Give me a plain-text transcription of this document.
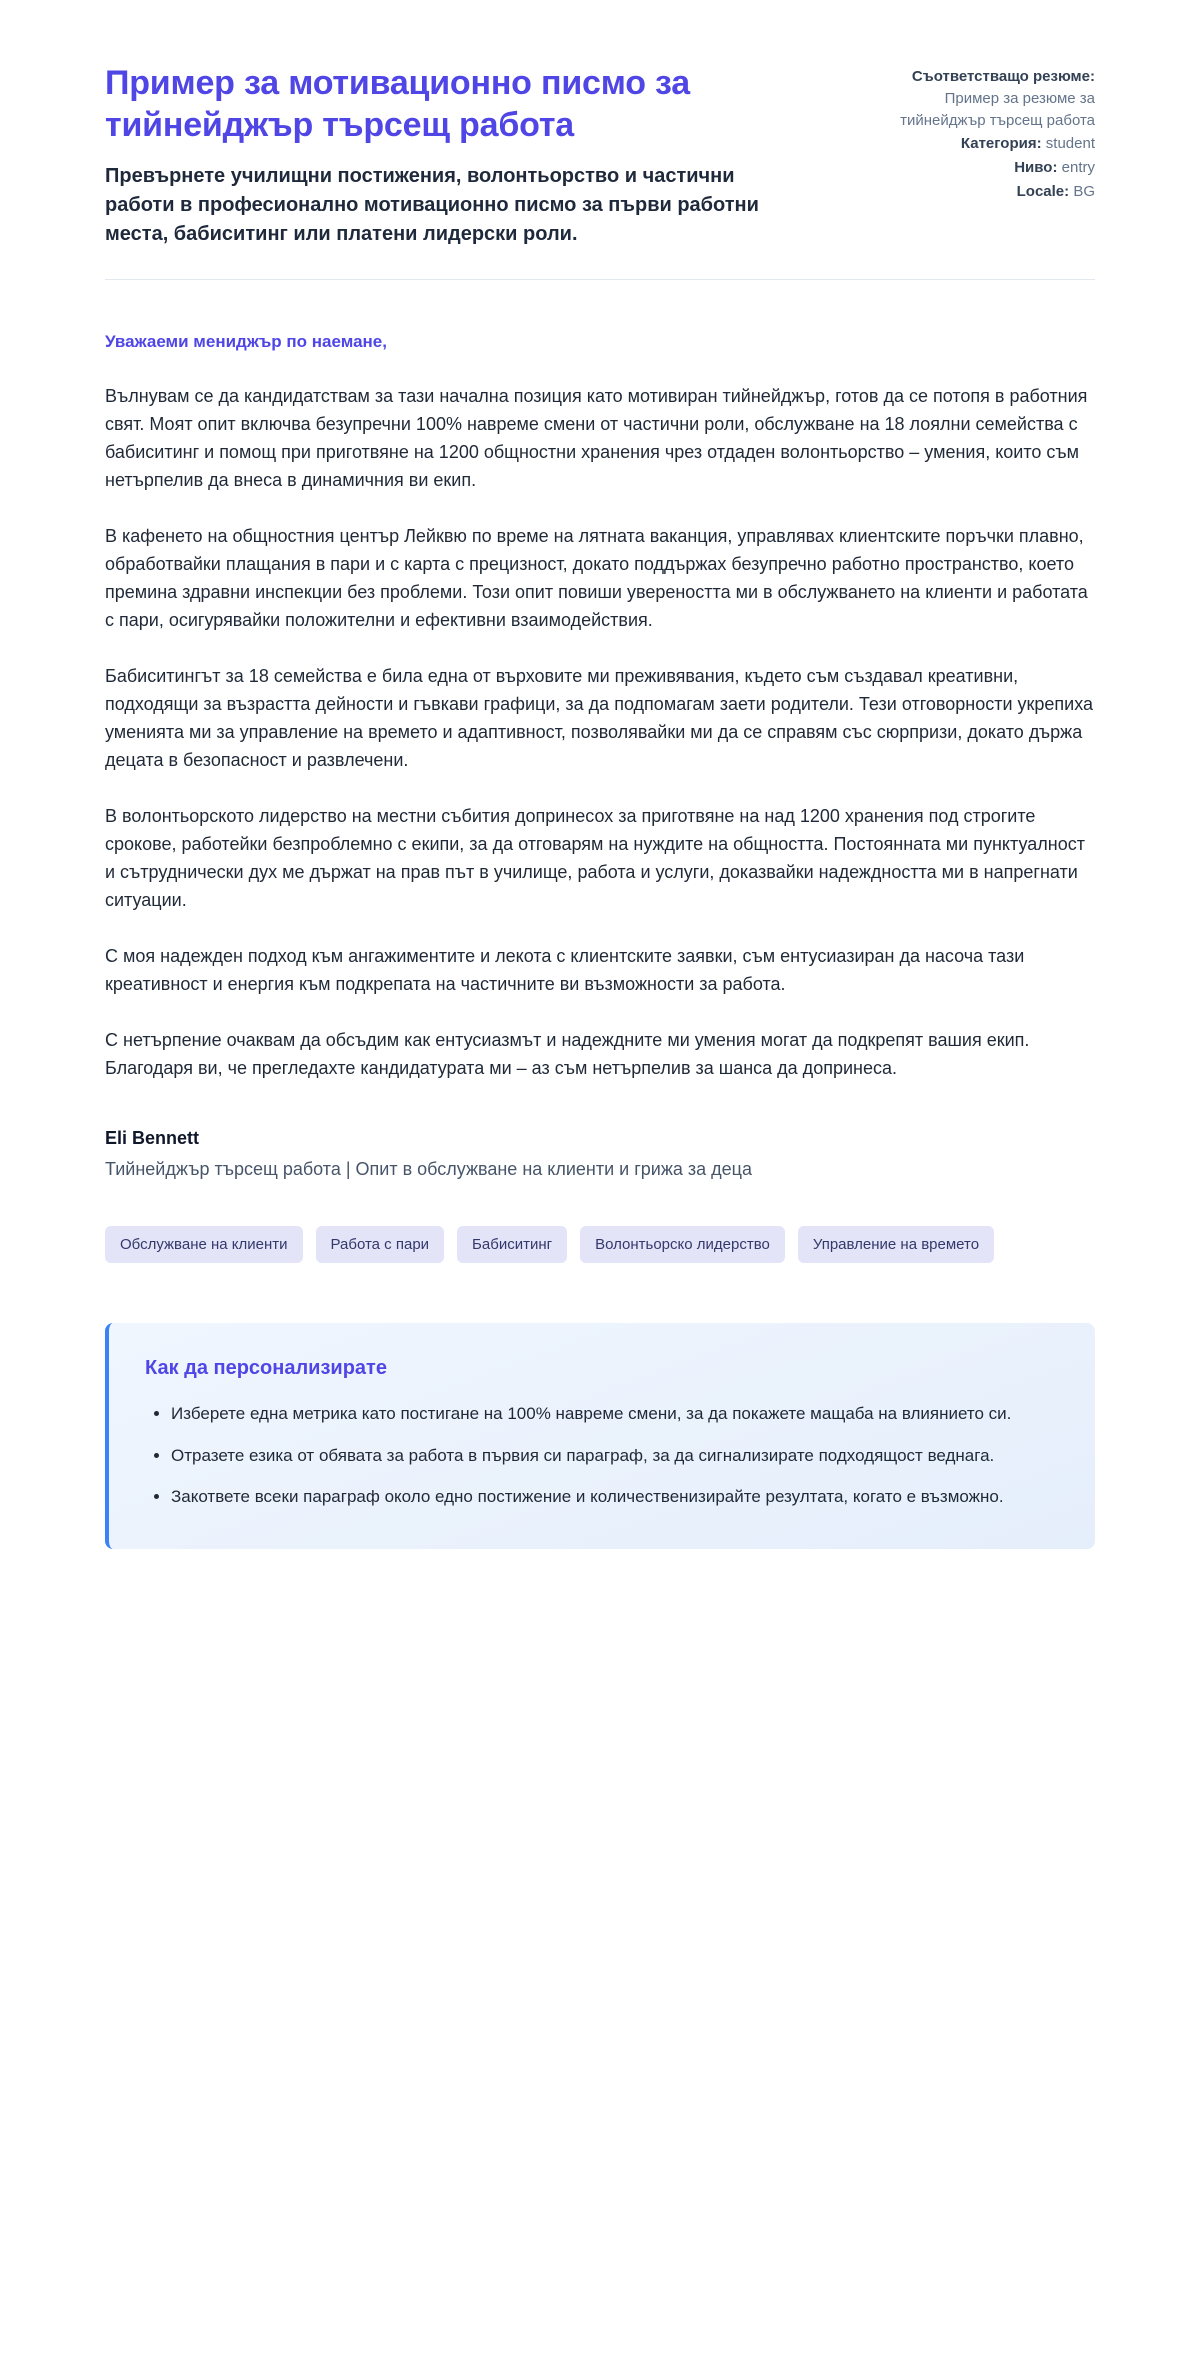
Пример за мотивационно писмо за тийнейджър търсещ работа

Превърнете училищни постижения, волонтьорство и частични работи в професионално мотивационно писмо за първи работни места, бабиситинг или платени лидерски роли.

Съответстващо резюме: Пример за резюме за тийнейджър търсещ работа

Категория: student

Ниво: entry

Locale: BG

Уважаеми мениджър по наемане,

Вълнувам се да кандидатствам за тази начална позиция като мотивиран тийнейджър, готов да се потопя в работния свят. Моят опит включва безупречни 100% навреме смени от частични роли, обслужване на 18 лоялни семейства с бабиситинг и помощ при приготвяне на 1200 общностни хранения чрез отдаден волонтьорство – умения, които съм нетърпелив да внеса в динамичния ви екип.

В кафенето на общностния център Лейквю по време на лятната ваканция, управлявах клиентските поръчки плавно, обработвайки плащания в пари и с карта с прецизност, докато поддържах безупречно работно пространство, което премина здравни инспекции без проблеми. Този опит повиши увереността ми в обслужването на клиенти и работата с пари, осигурявайки положителни и ефективни взаимодействия.

Бабиситингът за 18 семейства е била една от върховите ми преживявания, където съм създавал креативни, подходящи за възрастта дейности и гъвкави графици, за да подпомагам заети родители. Тези отговорности укрепиха уменията ми за управление на времето и адаптивност, позволявайки ми да се справям със сюрпризи, докато държа децата в безопасност и развлечени.

В волонтьорското лидерство на местни събития допринесох за приготвяне на над 1200 хранения под строгите срокове, работейки безпроблемно с екипи, за да отговарям на нуждите на общността. Постоянната ми пунктуалност и сътруднически дух ме държат на прав път в училище, работа и услуги, доказвайки надеждността ми в напрегнати ситуации.

С моя надежден подход към ангажиментите и лекота с клиентските заявки, съм ентусиазиран да насоча тази креативност и енергия към подкрепата на частичните ви възможности за работа.

С нетърпение очаквам да обсъдим как ентусиазмът и надеждните ми умения могат да подкрепят вашия екип. Благодаря ви, че прегледахте кандидатурата ми – аз съм нетърпелив за шанса да допринеса.

Eli Bennett

Тийнейджър търсещ работа | Опит в обслужване на клиенти и грижа за деца

Обслужване на клиенти	Работа с пари	Бабиситинг	Волонтьорско лидерство	Управление на времето
Как да персонализирате
• Изберете една метрика като постигане на 100% навреме смени, за да покажете мащаба на влиянието си.
• Отразете езика от обявата за работа в първия си параграф, за да сигнализирате подходящост веднага.
• Закответе всеки параграф около едно постижение и количественизирайте резултата, когато е възможно.
